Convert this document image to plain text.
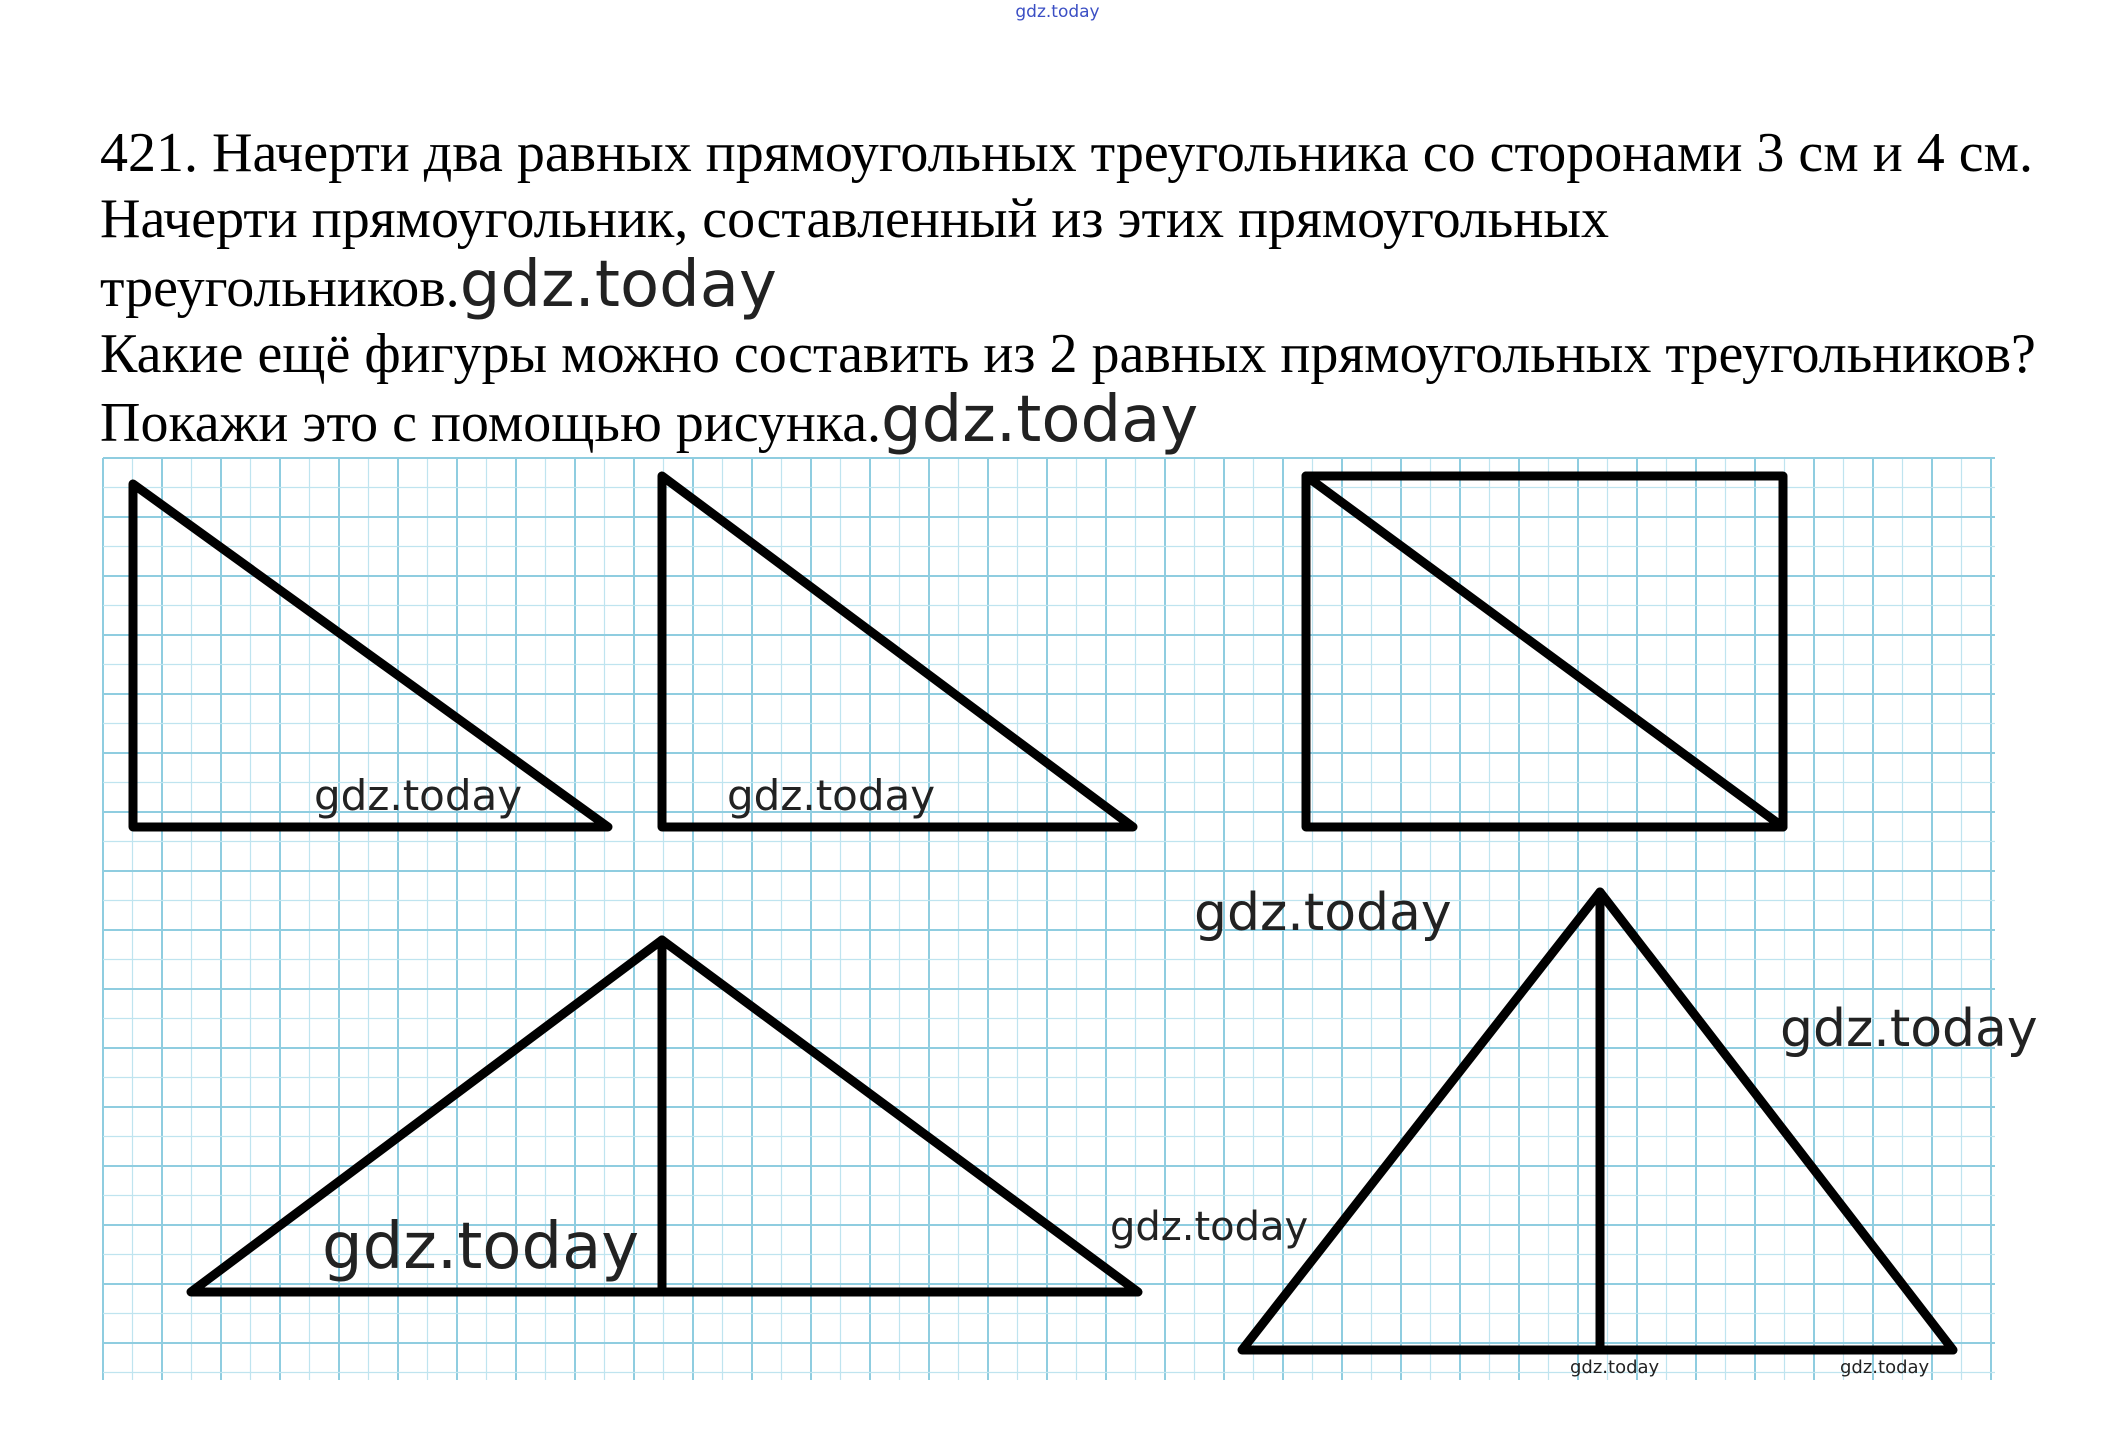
gdz.today

421. Начерти два равных прямоугольных треугольника со сторонами 3 см и 4 см. Начерти прямоугольник, составленный из этих прямоугольных треугольников.gdz.today

Какие ещё фигуры можно составить из 2 равных прямоугольных треугольников? Покажи это с помощью рисунка.gdz.today

gdz.today	gdz.today
gdz.today
gdz.today
gdz.today	gdz.today
gdz.today	gdz.today
